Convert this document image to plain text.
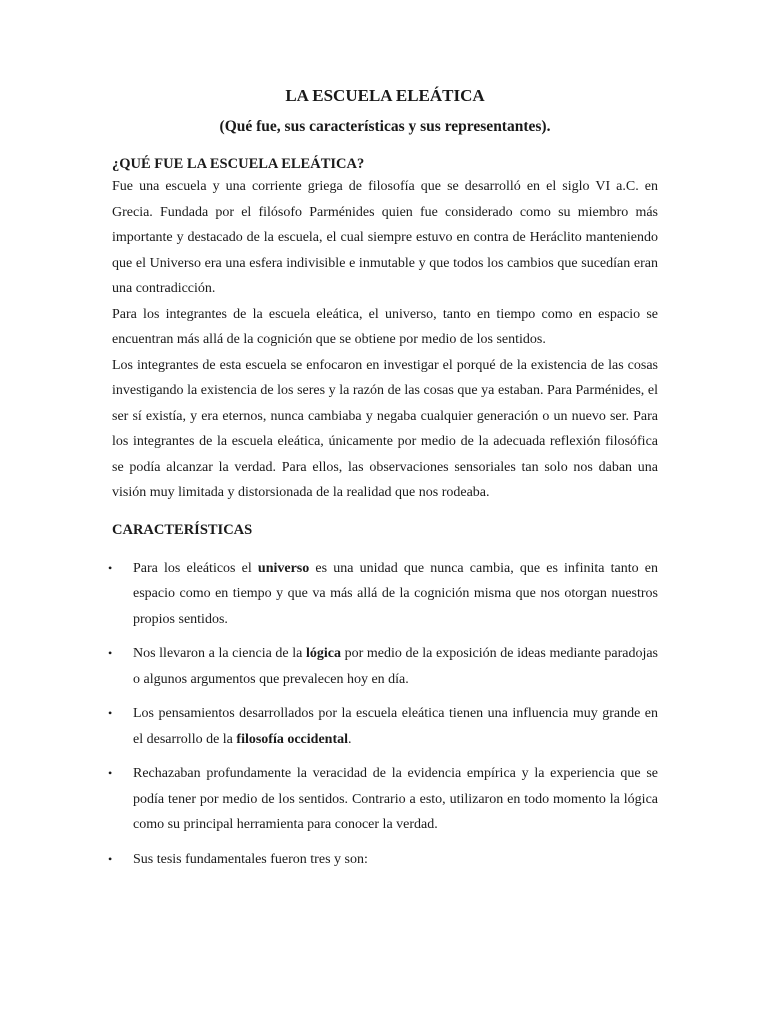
LA ESCUELA ELEÁTICA
(Qué fue, sus características y sus representantes).
¿QUÉ FUE LA ESCUELA ELEÁTICA?

Fue una escuela y una corriente griega de filosofía que se desarrolló en el siglo VI a.C. en Grecia. Fundada por el filósofo Parménides quien fue considerado como su miembro más importante y destacado de la escuela, el cual siempre estuvo en contra de Heráclito manteniendo que el Universo era una esfera indivisible e inmutable y que todos los cambios que sucedían eran una contradicción.

Para los integrantes de la escuela eleática, el universo, tanto en tiempo como en espacio se encuentran más allá de la cognición que se obtiene por medio de los sentidos.

Los integrantes de esta escuela se enfocaron en investigar el porqué de la existencia de las cosas investigando la existencia de los seres y la razón de las cosas que ya estaban. Para Parménides, el ser sí existía, y era eternos, nunca cambiaba y negaba cualquier generación o un nuevo ser. Para los integrantes de la escuela eleática, únicamente por medio de la adecuada reflexión filosófica se podía alcanzar la verdad. Para ellos, las observaciones sensoriales tan solo nos daban una visión muy limitada y distorsionada de la realidad que nos rodeaba.

CARACTERÍSTICAS
• Para los eleáticos el universo es una unidad que nunca cambia, que es infinita tanto en espacio como en tiempo y que va más allá de la cognición misma que nos otorgan nuestros propios sentidos.
• Nos llevaron a la ciencia de la lógica por medio de la exposición de ideas mediante paradojas o algunos argumentos que prevalecen hoy en día.
• Los pensamientos desarrollados por la escuela eleática tienen una influencia muy grande en el desarrollo de la filosofía occidental.
• Rechazaban profundamente la veracidad de la evidencia empírica y la experiencia que se podía tener por medio de los sentidos. Contrario a esto, utilizaron en todo momento la lógica como su principal herramienta para conocer la verdad.
• Sus tesis fundamentales fueron tres y son:
